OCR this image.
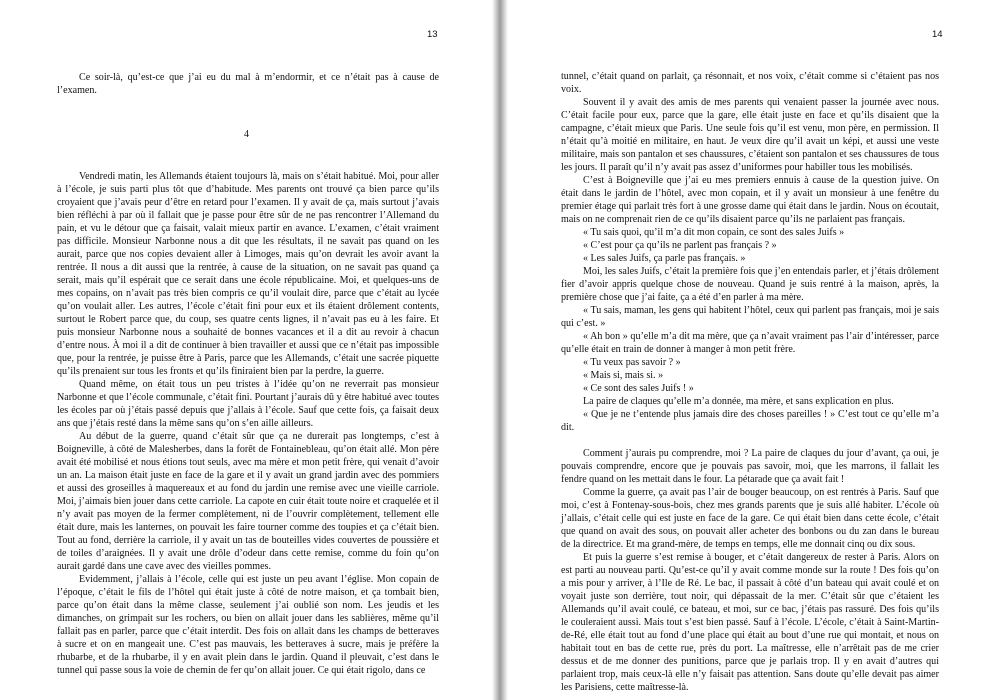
13

Ce soir-là, qu’est-ce que j’ai eu du mal à m’endormir, et ce n’était pas à cause de l’examen.

4

Vendredi matin, les Allemands étaient toujours là, mais on s’était habitué. Moi, pour aller à l’école, je suis parti plus tôt que d’habitude. Mes parents ont trouvé ça bien parce qu’ils croyaient que j’avais peur d’être en retard pour l’examen. Il y avait de ça, mais surtout j’avais bien réfléchi à par où il fallait que je passe pour être sûr de ne pas rencontrer l’Allemand du pain, et vu le détour que ça faisait, valait mieux partir en avance. L’examen, c’était vraiment pas difficile. Monsieur Narbonne nous a dit que les résultats, il ne savait pas quand on les aurait, parce que nos copies devaient aller à Limoges, mais qu’on devrait les avoir avant la rentrée. Il nous a dit aussi que la rentrée, à cause de la situation, on ne savait pas quand ça serait, mais qu’il espérait que ce serait dans une école républicaine. Moi, et quelques-uns de mes copains, on n’avait pas très bien compris ce qu’il voulait dire, parce que c’était au lycée qu’on voulait aller. Les autres, l’école c’était fini pour eux et ils étaient drôlement contents, surtout le Robert parce que, du coup, ses quatre cents lignes, il n’avait pas eu à les faire. Et puis monsieur Narbonne nous a souhaité de bonnes vacances et il a dit au revoir à chacun d’entre nous. À moi il a dit de continuer à bien travailler et aussi que ce n’était pas impossible que, pour la rentrée, je puisse être à Paris, parce que les Allemands, c’était une sacrée piquette qu’ils prenaient sur tous les fronts et qu’ils finiraient bien par la perdre, la guerre.

Quand même, on était tous un peu tristes à l’idée qu’on ne reverrait pas monsieur Narbonne et que l’école communale, c’était fini. Pourtant j’aurais dû y être habitué avec toutes les écoles par où j’étais passé depuis que j’allais à l’école. Sauf que cette fois, ça faisait deux ans que j’étais resté dans la même sans qu’on s’en aille ailleurs.

Au début de la guerre, quand c’était sûr que ça ne durerait pas longtemps, c’est à Boigneville, à côté de Malesherbes, dans la forêt de Fontainebleau, qu’on était allé. Mon père avait été mobilisé et nous étions tout seuls, avec ma mère et mon petit frère, qui venait d’avoir un an. La maison était juste en face de la gare et il y avait un grand jardin avec des pommiers et aussi des groseilles à maquereaux et au fond du jardin une remise avec une vieille carriole. Moi, j’aimais bien jouer dans cette carriole. La capote en cuir était toute noire et craquelée et il n’y avait pas moyen de la fermer complètement, ni de l’ouvrir complètement, tellement elle était dure, mais les lanternes, on pouvait les faire tourner comme des toupies et ça c’était bien. Tout au fond, derrière la carriole, il y avait un tas de bouteilles vides couvertes de poussière et de toiles d’araignées. Il y avait une drôle d’odeur dans cette remise, comme du foin qu’on aurait gardé dans une cave avec des vieilles pommes.

Evidemment, j’allais à l’école, celle qui est juste un peu avant l’église. Mon copain de l’époque, c’était le fils de l’hôtel qui était juste à côté de notre maison, et ça tombait bien, parce qu’on était dans la même classe, seulement j’ai oublié son nom. Les jeudis et les dimanches, on grimpait sur les rochers, ou bien on allait jouer dans les sablières, même qu’il fallait pas en parler, parce que c’était interdit. Des fois on allait dans les champs de betteraves à sucre et on en mangeait une. C’est pas mauvais, les betteraves à sucre, mais je préfère la rhubarbe, et de la rhubarbe, il y en avait plein dans le jardin. Quand il pleuvait, c’est dans le tunnel qui passe sous la voie de chemin de fer qu’on allait jouer. Ce qui était rigolo, dans ce

14

tunnel, c’était quand on parlait, ça résonnait, et nos voix, c’était comme si c’étaient pas nos voix.

Souvent il y avait des amis de mes parents qui venaient passer la journée avec nous. C’était facile pour eux, parce que la gare, elle était juste en face et qu’ils disaient que la campagne, c’était mieux que Paris. Une seule fois qu’il est venu, mon père, en permission. Il n’était qu’à moitié en militaire, en haut. Je veux dire qu’il avait un képi, et aussi une veste militaire, mais son pantalon et ses chaussures, c’étaient son pantalon et ses chaussures de tous les jours. Il paraît qu’il n’y avait pas assez d’uniformes pour habiller tous les mobilisés.

C’est à Boigneville que j’ai eu mes premiers ennuis à cause de la question juive. On était dans le jardin de l’hôtel, avec mon copain, et il y avait un monsieur à une fenêtre du premier étage qui parlait très fort à une grosse dame qui était dans le jardin. Nous on écoutait, mais on ne comprenait rien de ce qu’ils disaient parce qu’ils ne parlaient pas français.

« Tu sais quoi, qu’il m’a dit mon copain, ce sont des sales Juifs »

« C’est pour ça qu’ils ne parlent pas français ? »

« Les sales Juifs, ça parle pas français. »

Moi, les sales Juifs, c’était la première fois que j’en entendais parler, et j’étais drôlement fier d’avoir appris quelque chose de nouveau. Quand je suis rentré à la maison, après, la première chose que j’ai faite, ça a été d’en parler à ma mère.

« Tu sais, maman, les gens qui habitent l’hôtel, ceux qui parlent pas français, moi je sais qui c’est. »

« Ah bon » qu’elle m’a dit ma mère, que ça n’avait vraiment pas l’air d’intéresser, parce qu’elle était en train de donner à manger à mon petit frère.

« Tu veux pas savoir ? »

« Mais si, mais si. »

« Ce sont des sales Juifs ! »

La paire de claques qu’elle m’a donnée, ma mère, et sans explication en plus.

« Que je ne t’entende plus jamais dire des choses pareilles ! » C’est tout ce qu’elle m’a dit.

Comment j’aurais pu comprendre, moi ? La paire de claques du jour d’avant, ça oui, je pouvais comprendre, encore que je pouvais pas savoir, moi, que les marrons, il fallait les fendre quand on les mettait dans le four. La pétarade que ça avait fait !

Comme la guerre, ça avait pas l’air de bouger beaucoup, on est rentrés à Paris. Sauf que moi, c’est à Fontenay-sous-bois, chez mes grands parents que je suis allé habiter. L’école où j’allais, c’était celle qui est juste en face de la gare. Ce qui était bien dans cette école, c’était que quand on avait des sous, on pouvait aller acheter des bonbons ou du zan dans le bureau de la directrice. Et ma grand-mère, de temps en temps, elle me donnait cinq ou dix sous.

Et puis la guerre s’est remise à bouger, et c’était dangereux de rester à Paris. Alors on est parti au nouveau parti. Qu’est-ce qu’il y avait comme monde sur la route ! Des fois qu’on a mis pour y arriver, à l’Ile de Ré. Le bac, il passait à côté d’un bateau qui avait coulé et on voyait juste son derrière, tout noir, qui dépassait de la mer. C’était sûr que c’étaient les Allemands qu’il avait coulé, ce bateau, et moi, sur ce bac, j’étais pas rassuré. Des fois qu’ils le couleraient aussi. Mais tout s’est bien passé. Sauf à l’école. L’école, c’était à Saint-Martin-de-Ré, elle était tout au fond d’une place qui était au bout d’une rue qui montait, et nous on habitait tout en bas de cette rue, près du port. La maîtresse, elle n’arrêtait pas de me crier dessus et de me donner des punitions, parce que je parlais trop. Il y en avait d’autres qui parlaient trop, mais ceux-là elle n’y faisait pas attention. Sans doute qu’elle devait pas aimer les Parisiens, cette maîtresse-là.
